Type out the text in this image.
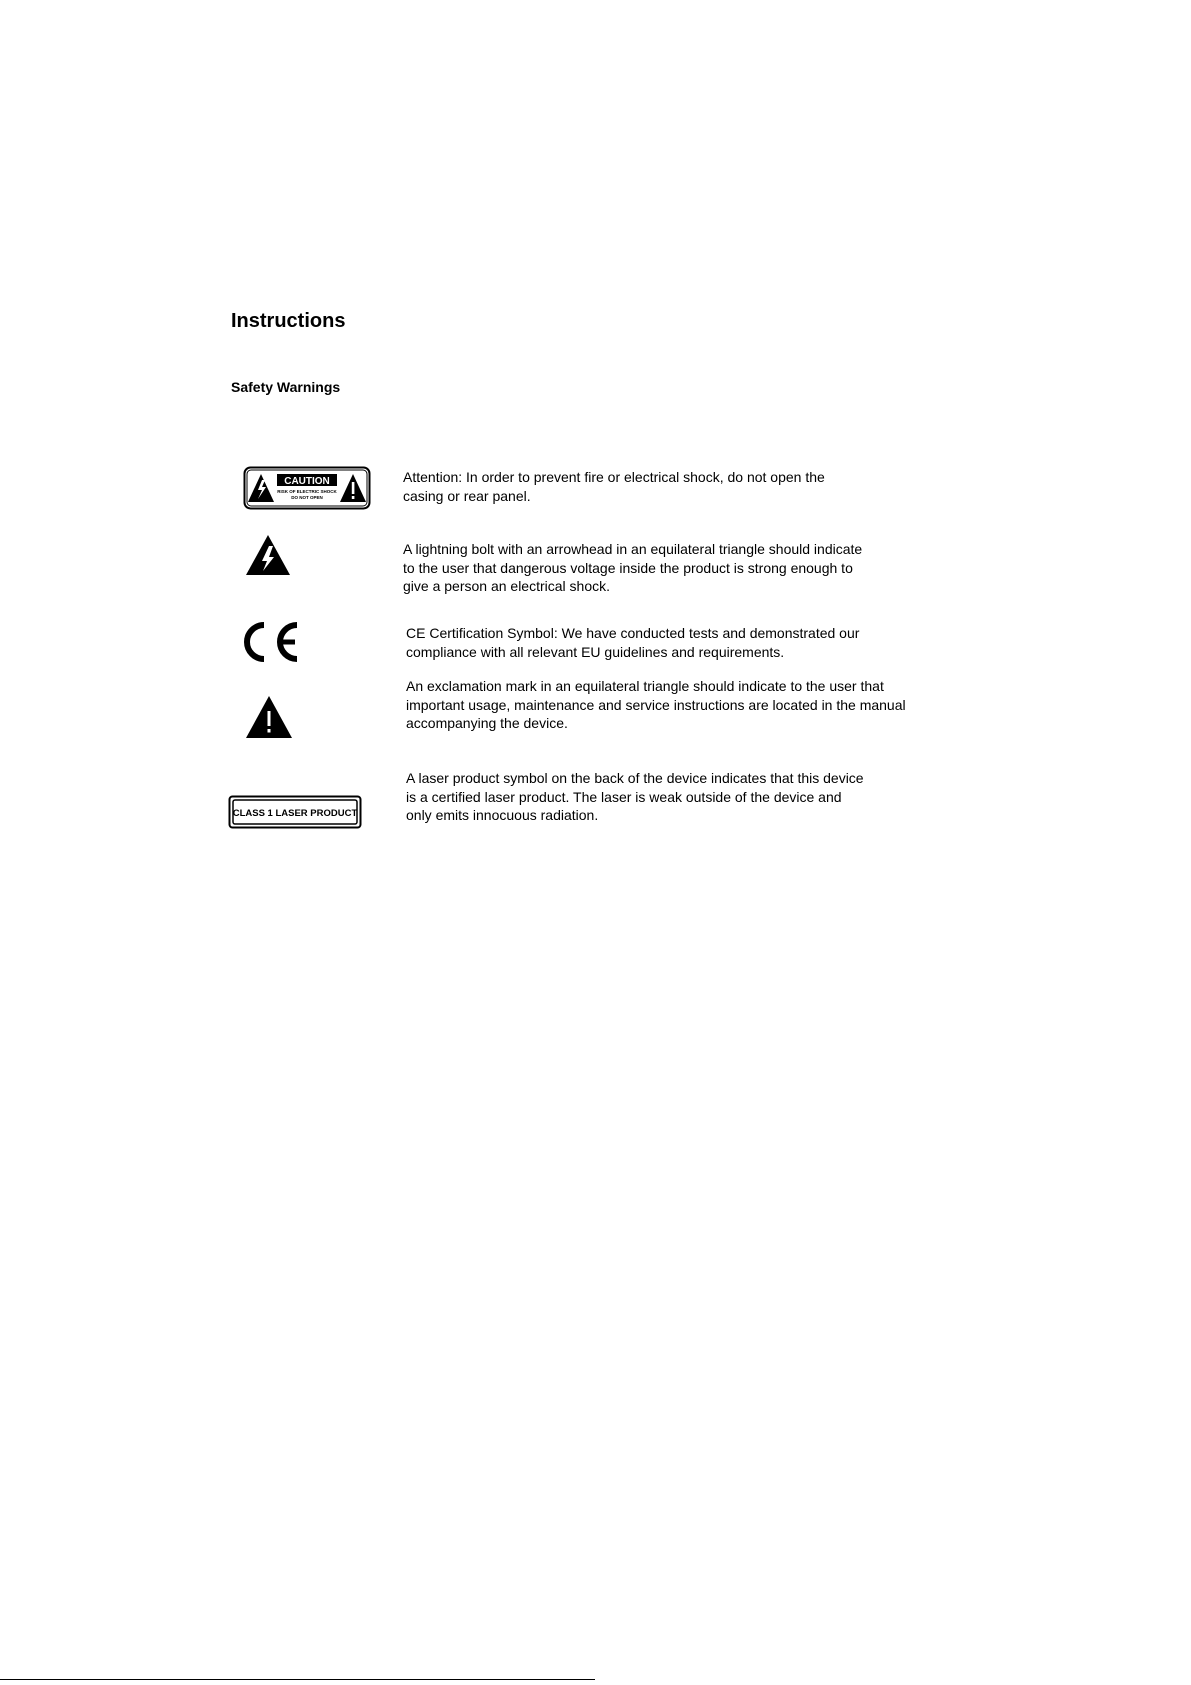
Instructions
Safety Warnings
CAUTION
RISK OF ELECTRIC SHOCK
DO NOT OPEN

Attention: In order to prevent fire or electrical shock, do not open the
casing or rear panel.

A lightning bolt with an arrowhead in an equilateral triangle should indicate
to the user that dangerous voltage inside the product is strong enough to
give a person an electrical shock.

CE Certification Symbol: We have conducted tests and demonstrated our
compliance with all relevant EU guidelines and requirements.

An exclamation mark in an equilateral triangle should indicate to the user that
important usage, maintenance and service instructions are located in the manual
accompanying the device.

CLASS 1 LASER PRODUCT

A laser product symbol on the back of the device indicates that this device
is a certified laser product. The laser is weak outside of the device and
only emits innocuous radiation.
